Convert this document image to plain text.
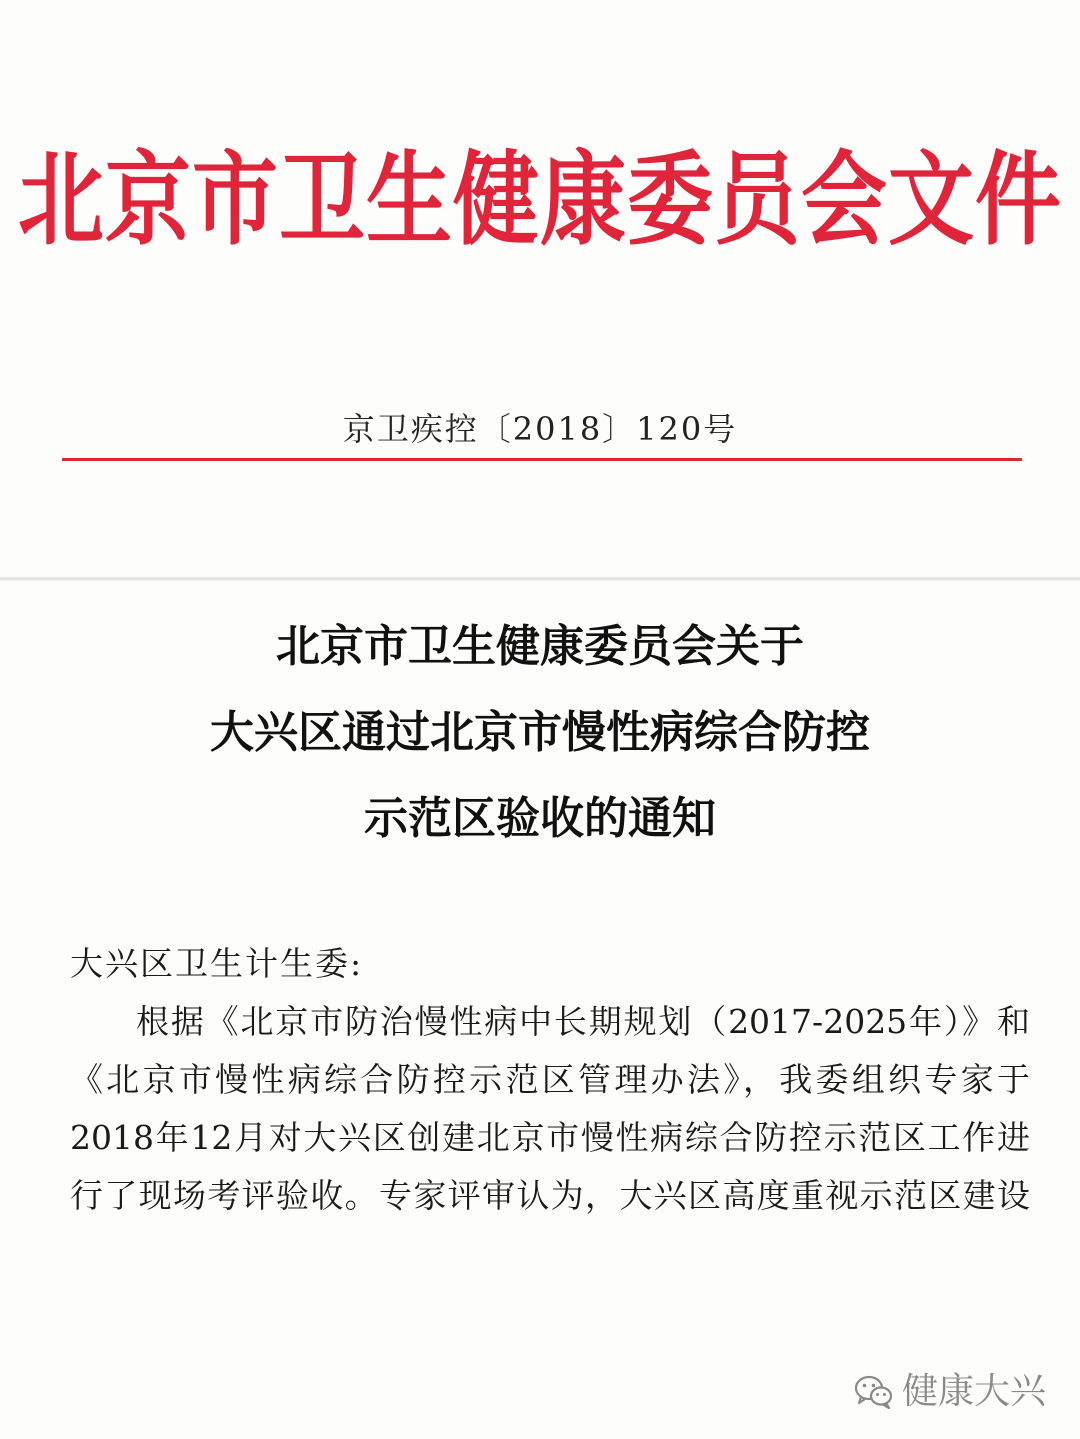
北京市卫生健康委员会文件
京卫疾控〔2018〕120号
北京市卫生健康委员会关于
大兴区通过北京市慢性病综合防控
示范区验收的通知
大兴区卫生计生委:
根据《北京市防治慢性病中长期规划（2017-2025年）》和
《北京市慢性病综合防控示范区管理办法》，我委组织专家于
2018年12月对大兴区创建北京市慢性病综合防控示范区工作进
行了现场考评验收。专家评审认为，大兴区高度重视示范区建设
健康大兴
